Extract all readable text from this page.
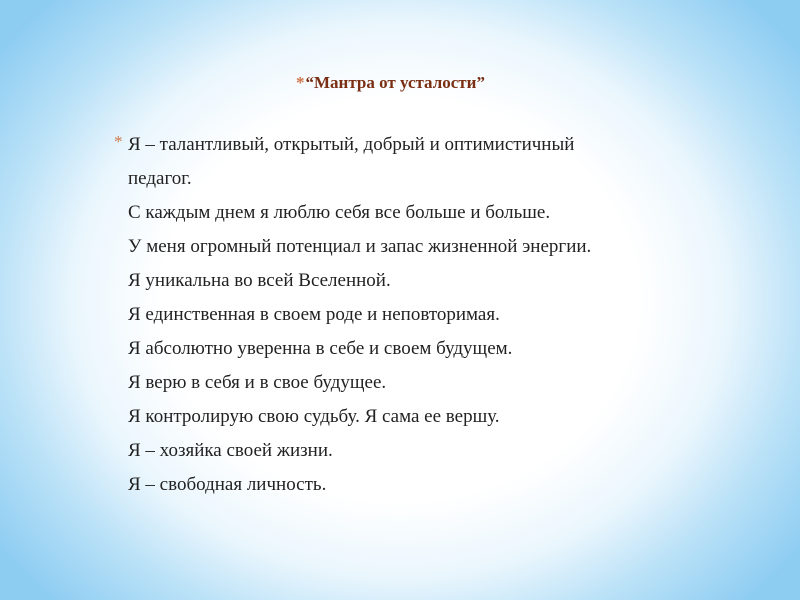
*“Мантра от усталости”
* Я – талантливый, открытый, добрый и оптимистичный
педагог.
С каждым днем я люблю себя все больше и больше.
У меня огромный потенциал и запас жизненной энергии.
Я уникальна во всей Вселенной.
Я единственная в своем роде и неповторимая.
Я абсолютно уверенна в себе и своем будущем.
Я верю в себя и в свое будущее.
Я контролирую свою судьбу. Я сама ее вершу.
Я – хозяйка своей жизни.
Я – свободная личность.
